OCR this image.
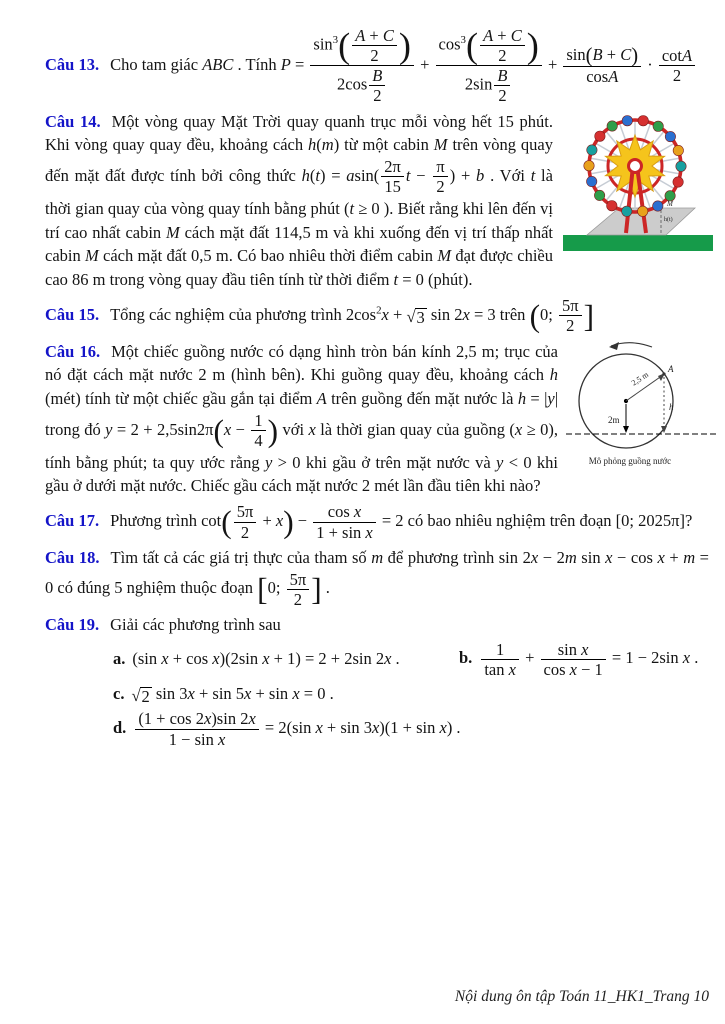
Câu 13. Cho tam giác ABC . Tính $P = \frac{\sin^3( \frac{A + C}{2} )}{2\cos \frac{B}{2}} + \frac{\cos^3( \frac{A + C}{2} )}{2\sin \frac{B}{2}} + \frac{\sin(B + C)}{\cos A} \cdot \frac{\cot A}{2}$
M
h(t)
Câu 14. Một vòng quay Mặt Trời quay quanh trục mỗi vòng hết 15 phút. Khi vòng quay quay đều, khoảng cách h(m) từ một cabin M trên vòng quay đến mặt đất được tính bởi công thức $h(t) = asin( \frac{2\pi}{15}$ $t - \frac{\pi}{2}$ ) + b . Với t là thời gian quay của vòng quay tính bằng phút (t ≥ 0 ). Biết rằng khi lên đến vị trí cao nhất cabin M cách mặt đất 114,5 m và khi xuống đến vị trí thấp nhất cabin M cách mặt đất 0,5 m. Có bao nhiêu thời điểm cabin M đạt được chiều cao 86 m trong vòng quay đầu tiên tính từ thời điểm t = 0 (phút).
Câu 15. Tổng các nghiệm của phương trình $2\cos^2x$ + √ 3 sin 2x = 3 trên (0; $\frac{5\pi}{2}$ ]
2,5 m
A
h
2m
Mô phỏng guồng nước
Câu 16. Một chiếc guồng nước có dạng hình tròn bán kính 2,5 m; trục của nó đặt cách mặt nước 2 m (hình bên). Khi guồng quay đều, khoảng cách h (mét) tính từ một chiếc gầu gắn tại điểm A trên guồng đến mặt nước là h = |y| trong đó $y = 2 + 2,5\sin 2\pi(x - \frac{1}{4}$ ) với x là thời gian quay của guồng (x ≥ 0), tính bằng phút; ta quy ước rằng y > 0 khi gầu ở trên mặt nước và y < 0 khi gầu ở dưới mặt nước. Chiếc gầu cách mặt nước 2 mét lần đầu tiên khi nào?
Câu 17. Phương trình $\cot( \frac{5\pi}{2} + x) - \frac{\text{cos x}}{\text{1 + sin x}} = 2$ có bao nhiêu nghiệm trên đoạn [0; 2025π]?
Câu 18. Tìm tất cả các giá trị thực của tham số m để phương trình sin 2x − 2m sin x − cos x + m = 0 có đúng 5 nghiệm thuộc đoạn [0; $\frac{5\pi}{2}$ ] .
Câu 19. Giải các phương trình sau
a. (sin x + cos x)(2sin x + 1) = 2 + 2sin 2x .	b. $\frac{1}{\text{tan x}} + \frac{\text{sin x}}{\text{cos x − 1}} = 1 - 2\sin$ x .
c. √ 2 sin 3x + sin 5x + sin x = 0 .
d. $\frac{(1 + \cos 2x)\sin 2x}{\text{1 − sin x}} = 2(\sin$ x + sin 3x)(1 + sin x) .
Nội dung ôn tập Toán 11_HK1_Trang 10
